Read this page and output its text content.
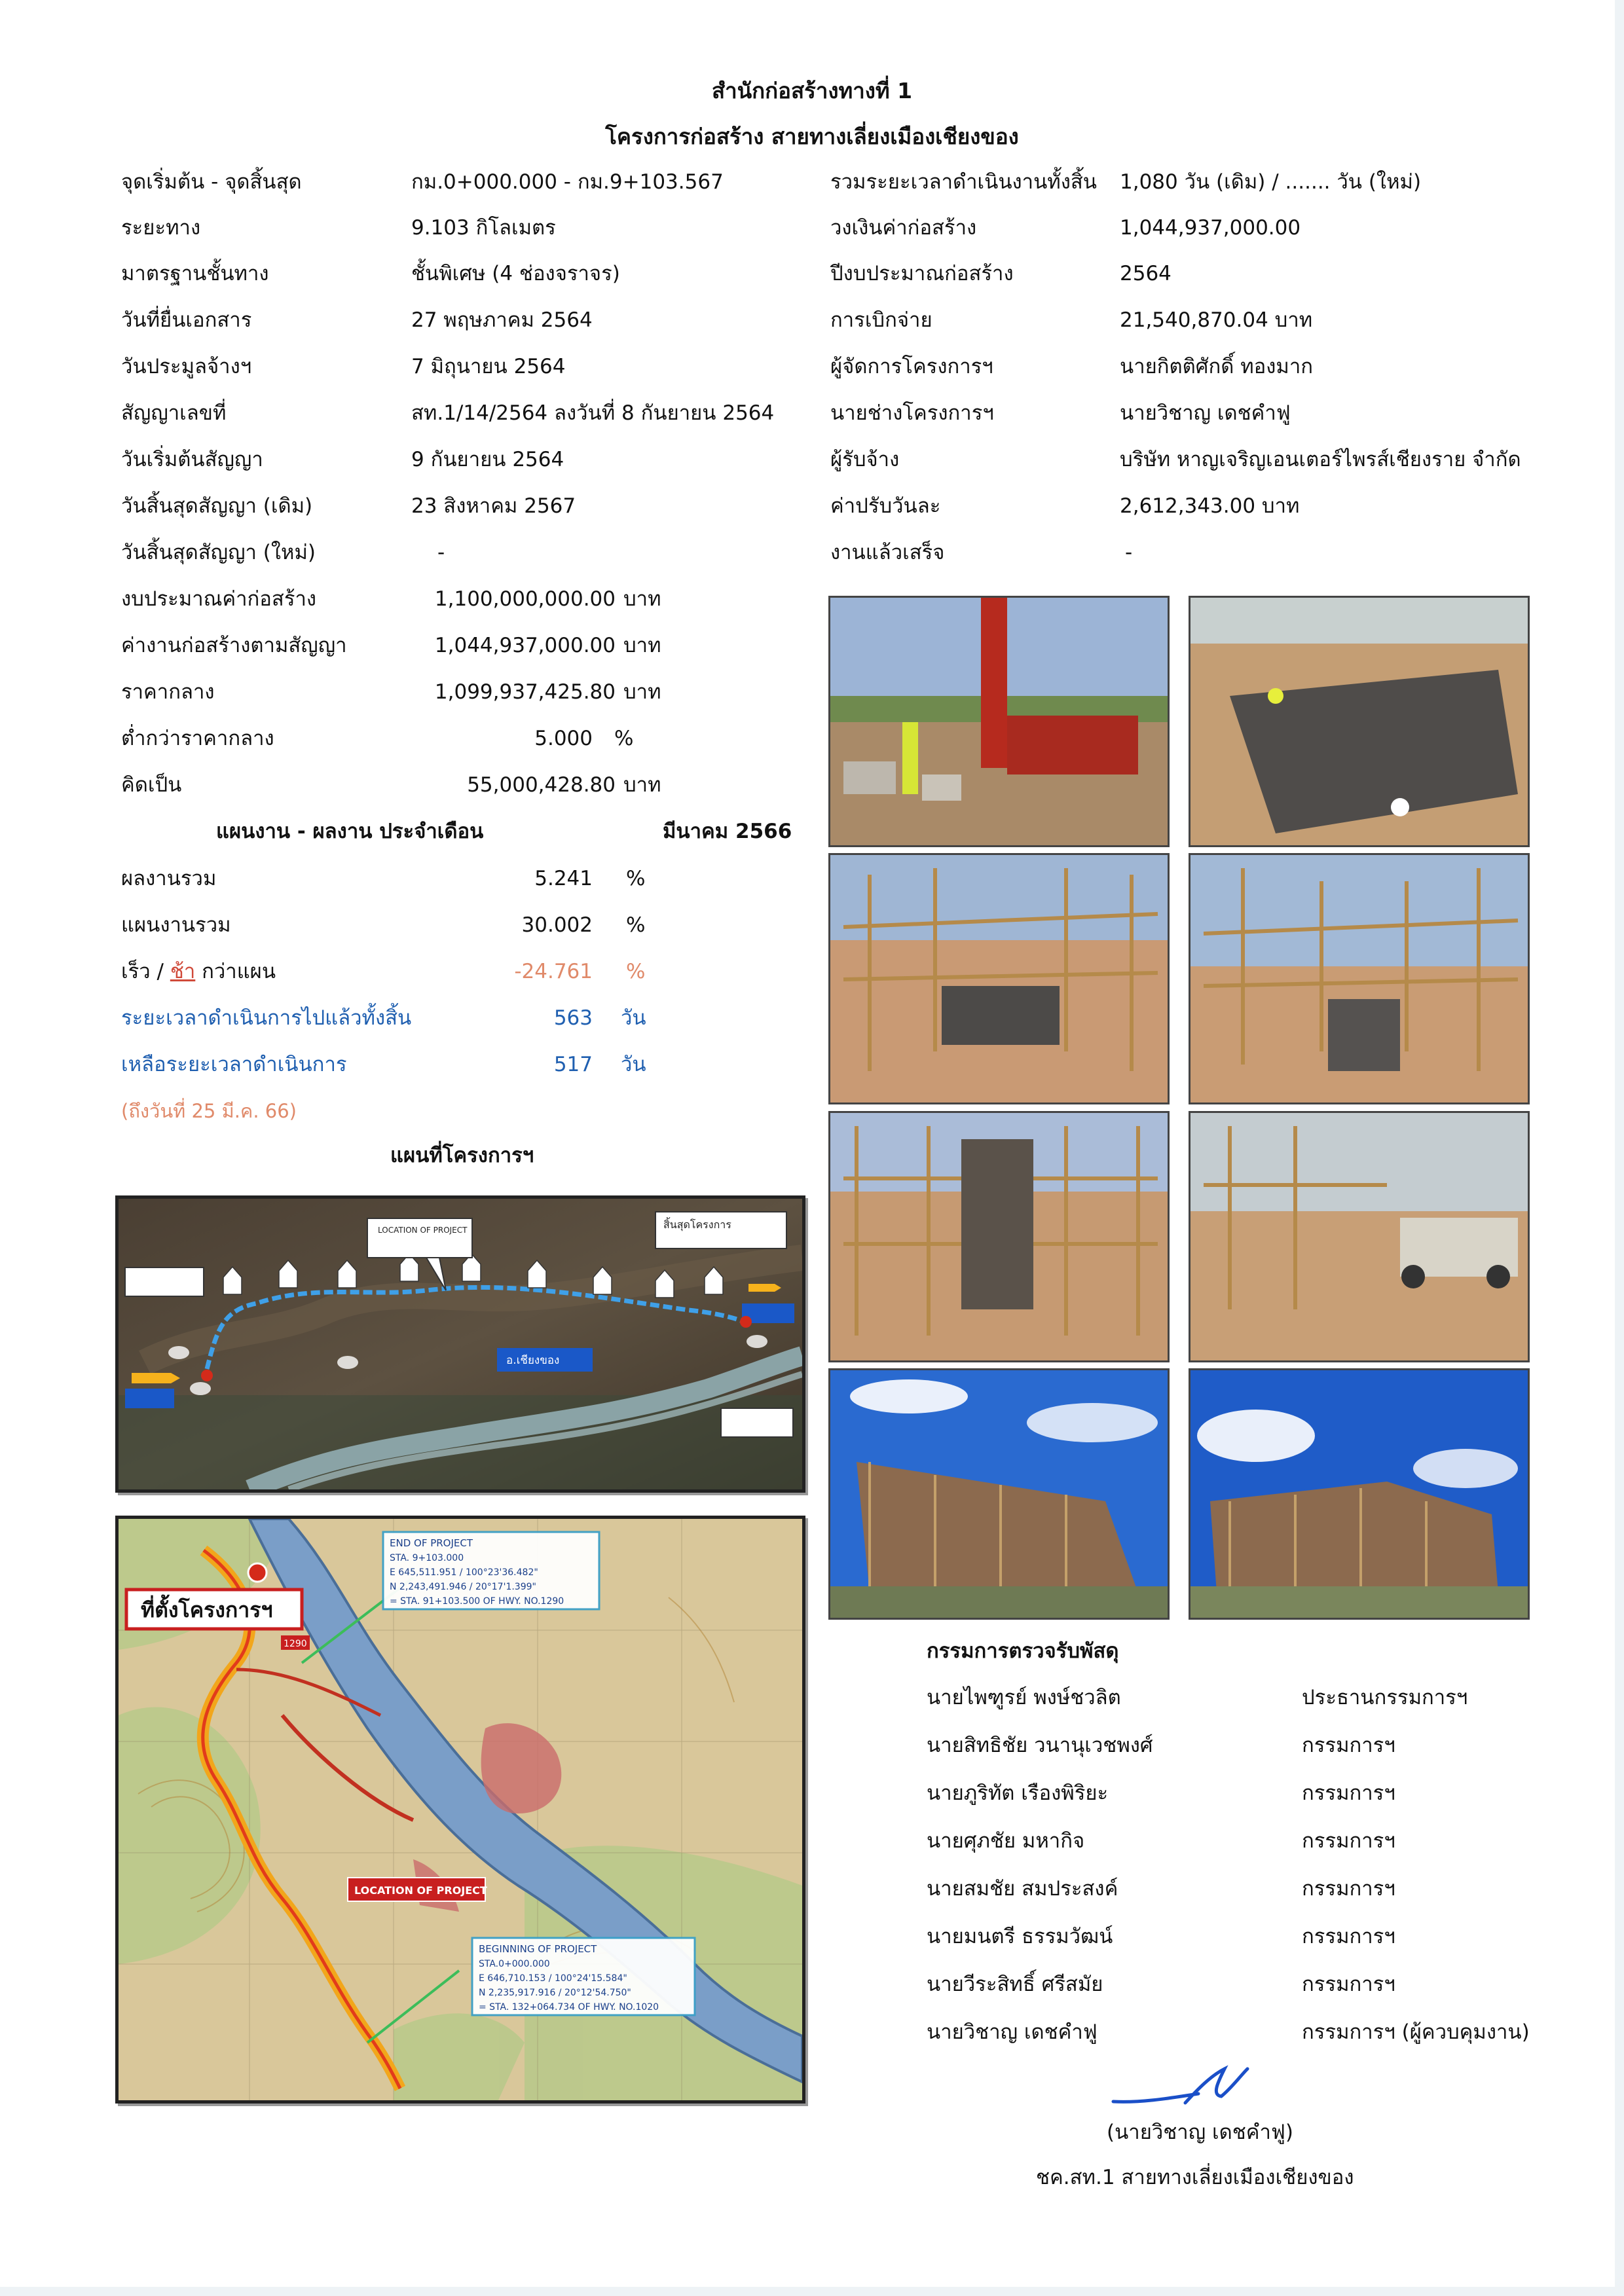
สำนักก่อสร้างทางที่ 1
โครงการก่อสร้าง สายทางเลี่ยงเมืองเชียงของ
จุดเริ่มต้น - จุดสิ้นสุด	กม.0+000.000 - กม.9+103.567
ระยะทาง	9.103 กิโลเมตร
มาตรฐานชั้นทาง	ชั้นพิเศษ (4 ช่องจราจร)
วันที่ยื่นเอกสาร	27 พฤษภาคม 2564
วันประมูลจ้างฯ	7 มิถุนายน 2564
สัญญาเลขที่	สท.1/14/2564 ลงวันที่ 8 กันยายน 2564
วันเริ่มต้นสัญญา	9 กันยายน 2564
วันสิ้นสุดสัญญา (เดิม)	23 สิงหาคม 2567
วันสิ้นสุดสัญญา (ใหม่)	-
รวมระยะเวลาดำเนินงานทั้งสิ้น 1,080 วัน (เดิม) / ....... วัน (ใหม่)
วงเงินค่าก่อสร้าง	1,044,937,000.00
ปีงบประมาณก่อสร้าง	2564
การเบิกจ่าย	21,540,870.04 บาท
ผู้จัดการโครงการฯ	นายกิตติศักดิ์ ทองมาก
นายช่างโครงการฯ	นายวิชาญ เดชคำฟู
ผู้รับจ้าง	บริษัท หาญเจริญเอนเตอร์ไพรส์เชียงราย จำกัด
ค่าปรับวันละ	2,612,343.00 บาท
งานแล้วเสร็จ	-
งบประมาณค่าก่อสร้าง	1,100,000,000.00 บาท
ค่างานก่อสร้างตามสัญญา	1,044,937,000.00 บาท
ราคากลาง	1,099,937,425.80 บาท
ต่ำกว่าราคากลาง	5.000 %
คิดเป็น	55,000,428.80 บาท
แผนงาน - ผลงาน ประจำเดือน	มีนาคม 2566
ผลงานรวม	5.241 %
แผนงานรวม	30.002 %
เร็ว / ช้า กว่าแผน	-24.761 %
ระยะเวลาดำเนินการไปแล้วทั้งสิ้น	563 วัน
เหลือระยะเวลาดำเนินการ	517 วัน
(ถึงวันที่ 25 มี.ค. 66)
แผนที่โครงการฯ
LOCATION OF PROJECT	สิ้นสุดโครงการ
อ.เชียงของ
ที่ตั้งโครงการฯ
LOCATION OF PROJECT
END OF PROJECT
STA. 9+103.000
E 645,511.951 / 100°23'36.482"
N 2,243,491.946 / 20°17'1.399"
= STA. 91+103.500 OF HWY. NO.1290
BEGINNING OF PROJECT
STA.0+000.000
E 646,710.153 / 100°24'15.584"
N 2,235,917.916 / 20°12'54.750"
= STA. 132+064.734 OF HWY. NO.1020
1290	กรรมการตรวจรับพัสดุ
นายไพฑูรย์ พงษ์ชวลิต	ประธานกรรมการฯ
นายสิทธิชัย วนานุเวชพงศ์	กรรมการฯ
นายภูริทัต เรืองพิริยะ	กรรมการฯ
นายศุภชัย มหากิจ	กรรมการฯ
นายสมชัย สมประสงค์	กรรมการฯ
นายมนตรี ธรรมวัฒน์	กรรมการฯ
นายวีระสิทธิ์ ศรีสมัย	กรรมการฯ
นายวิชาญ เดชคำฟู	กรรมการฯ (ผู้ควบคุมงาน)
(นายวิชาญ เดชคำฟู)
ชค.สท.1 สายทางเลี่ยงเมืองเชียงของ
